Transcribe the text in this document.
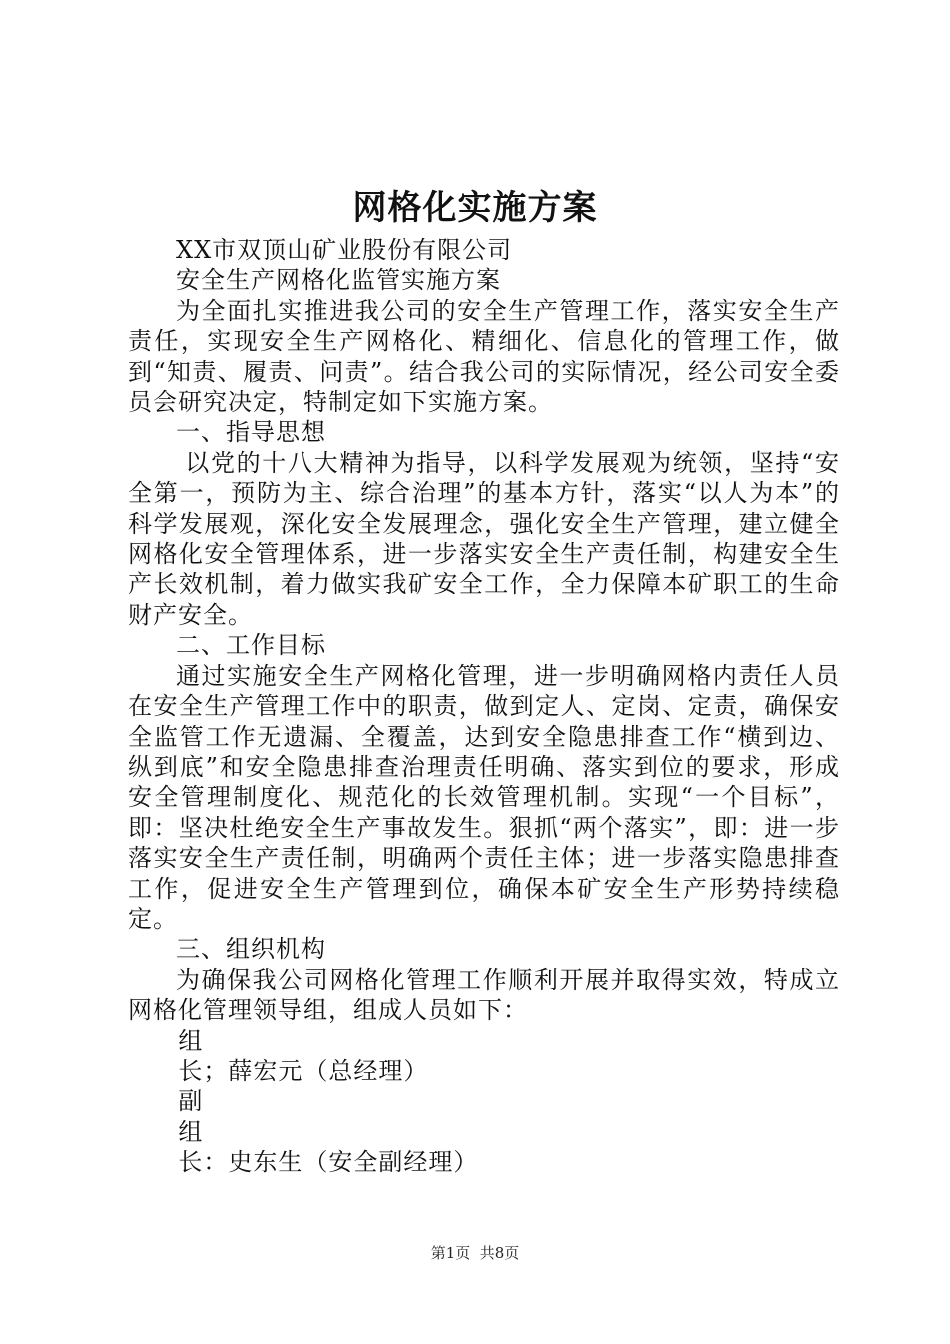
网格化实施方案

XX市双顶山矿业股份有限公司

安全生产网格化监管实施方案

为全面扎实推进我公司的安全生产管理工作，落实安全生产责任，实现安全生产网格化、精细化、信息化的管理工作，做到“知责、履责、问责”。结合我公司的实际情况，经公司安全委员会研究决定，特制定如下实施方案。

一、指导思想

以党的十八大精神为指导，以科学发展观为统领，坚持“安全第一，预防为主、综合治理”的基本方针，落实“以人为本”的科学发展观，深化安全发展理念，强化安全生产管理，建立健全网格化安全管理体系，进一步落实安全生产责任制，构建安全生产长效机制，着力做实我矿安全工作，全力保障本矿职工的生命财产安全。

二、工作目标

通过实施安全生产网格化管理，进一步明确网格内责任人员在安全生产管理工作中的职责，做到定人、定岗、定责，确保安全监管工作无遗漏、全覆盖，达到安全隐患排查工作“横到边、纵到底”和安全隐患排查治理责任明确、落实到位的要求，形成安全管理制度化、规范化的长效管理机制。实现“一个目标”，即：坚决杜绝安全生产事故发生。狠抓“两个落实”，即：进一步落实安全生产责任制，明确两个责任主体；进一步落实隐患排查工作，促进安全生产管理到位，确保本矿安全生产形势持续稳定。

三、组织机构

为确保我公司网格化管理工作顺利开展并取得实效，特成立网格化管理领导组，组成人员如下：

组

长；薛宏元（总经理）

副

组

长：史东生（安全副经理）

第1页  共8页
